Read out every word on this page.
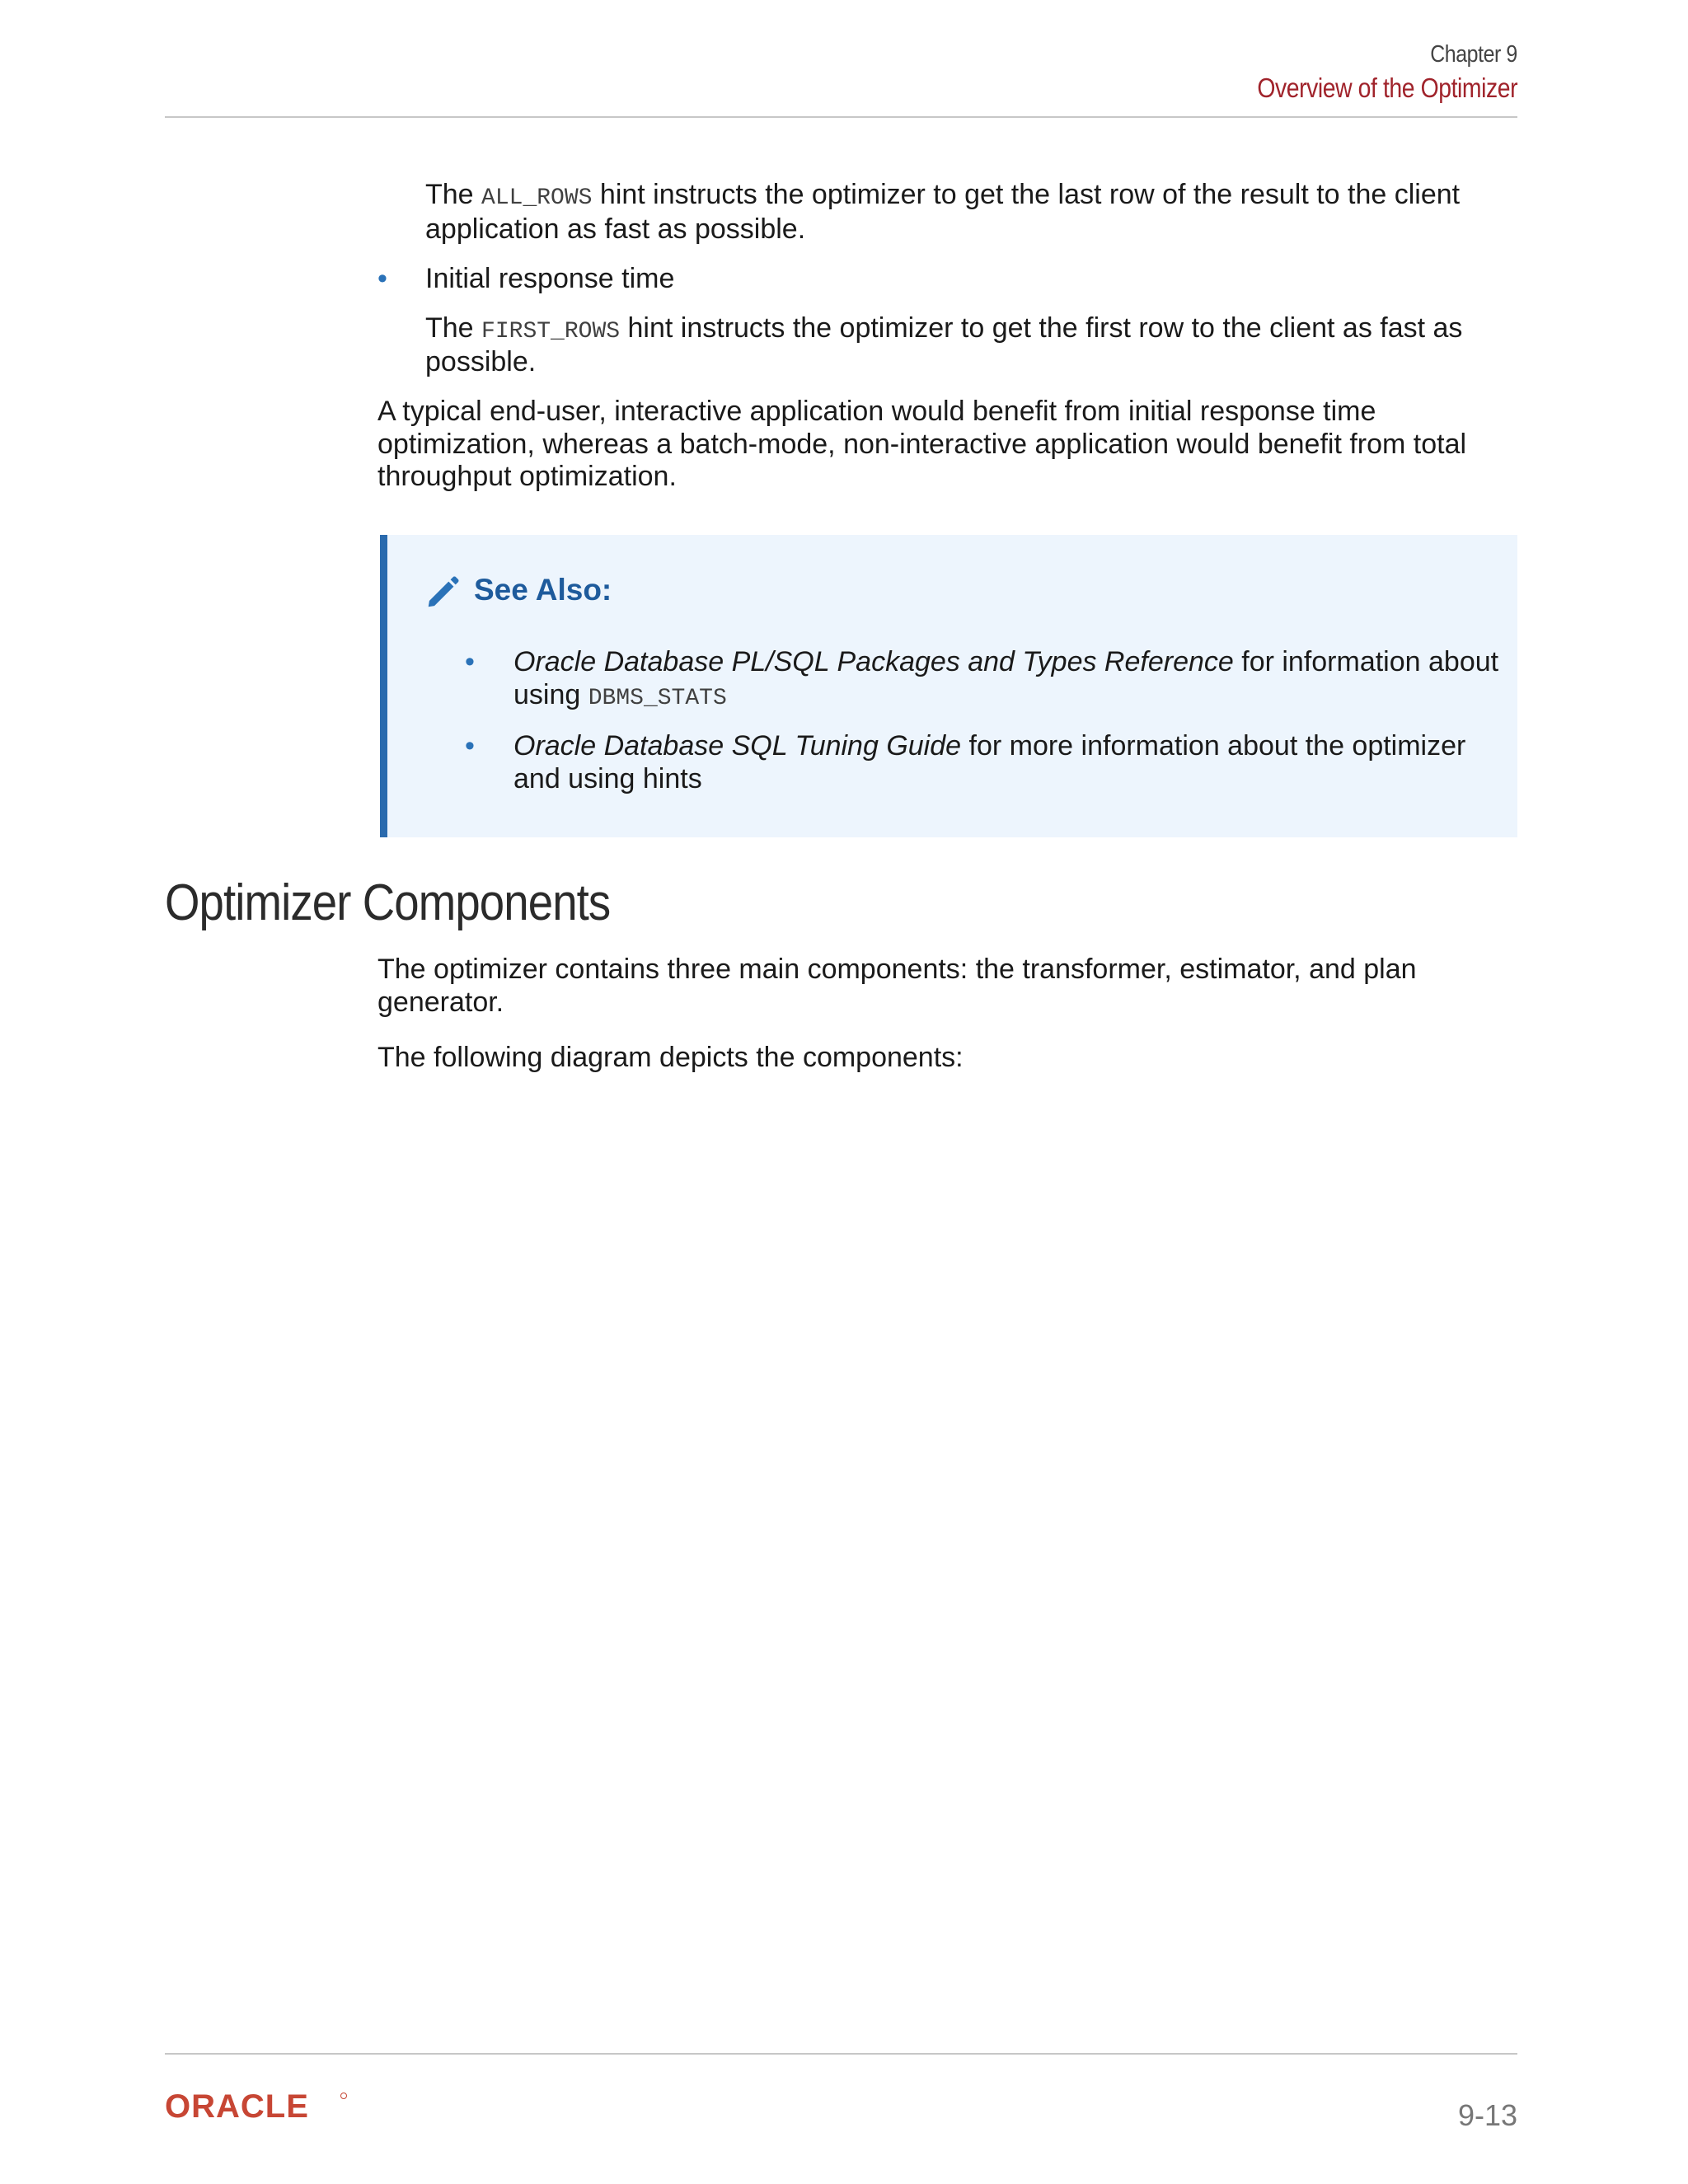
Chapter 9
Overview of the Optimizer

The ALL_ROWS hint instructs the optimizer to get the last row of the result to the client

application as fast as possible.

• Initial response time

The FIRST_ROWS hint instructs the optimizer to get the first row to the client as fast as

possible.

A typical end-user, interactive application would benefit from initial response time

optimization, whereas a batch-mode, non-interactive application would benefit from total

throughput optimization.

See Also:
• Oracle Database PL/SQL Packages and Types Reference for information about

using DBMS_STATS

• Oracle Database SQL Tuning Guide for more information about the optimizer

and using hints

Optimizer Components

The optimizer contains three main components: the transformer, estimator, and plan

generator.

The following diagram depicts the components:

ORACLE	9-13
